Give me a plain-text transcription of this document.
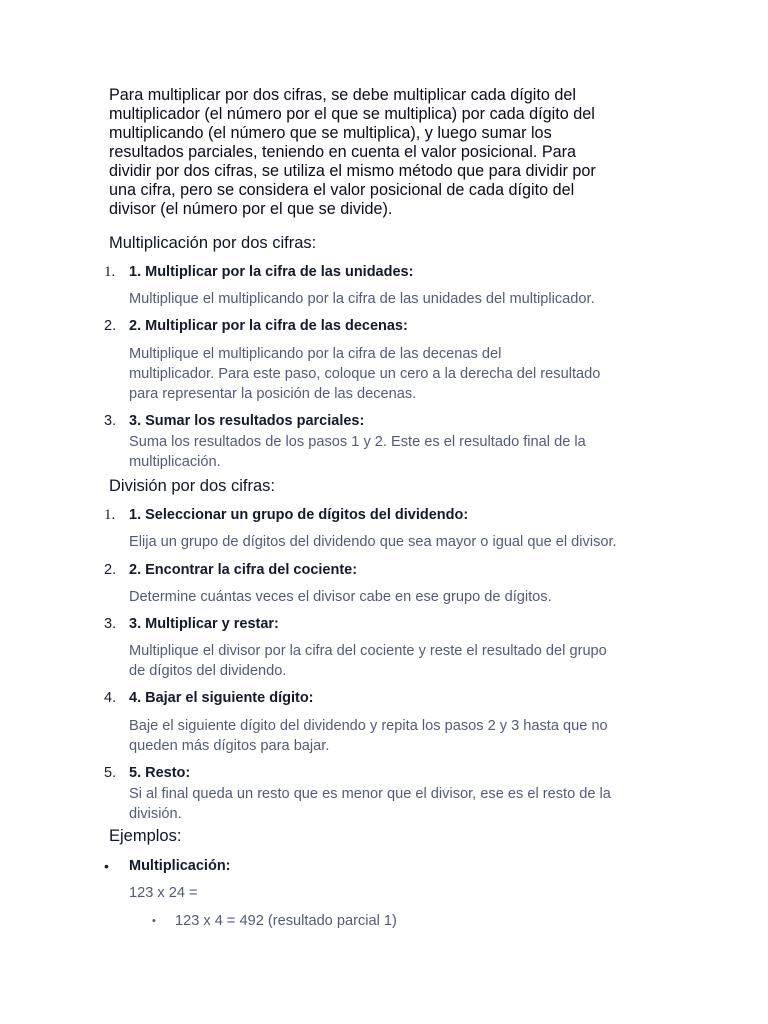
Para multiplicar por dos cifras, se debe multiplicar cada dígito del
multiplicador (el número por el que se multiplica) por cada dígito del
multiplicando (el número que se multiplica), y luego sumar los
resultados parciales, teniendo en cuenta el valor posicional. Para
dividir por dos cifras, se utiliza el mismo método que para dividir por
una cifra, pero se considera el valor posicional de cada dígito del
divisor (el número por el que se divide).

Multiplicación por dos cifras:

1. 1. Multiplicar por la cifra de las unidades:
Multiplique el multiplicando por la cifra de las unidades del multiplicador.
2. 2. Multiplicar por la cifra de las decenas:
Multiplique el multiplicando por la cifra de las decenas del
multiplicador. Para este paso, coloque un cero a la derecha del resultado
para representar la posición de las decenas.
3. 3. Sumar los resultados parciales:
Suma los resultados de los pasos 1 y 2. Este es el resultado final de la
multiplicación.

División por dos cifras:

1. 1. Seleccionar un grupo de dígitos del dividendo:
Elija un grupo de dígitos del dividendo que sea mayor o igual que el divisor.
2. 2. Encontrar la cifra del cociente:
Determine cuántas veces el divisor cabe en ese grupo de dígitos.
3. 3. Multiplicar y restar:
Multiplique el divisor por la cifra del cociente y reste el resultado del grupo
de dígitos del dividendo.
4. 4. Bajar el siguiente dígito:
Baje el siguiente dígito del dividendo y repita los pasos 2 y 3 hasta que no
queden más dígitos para bajar.
5. 5. Resto:
Si al final queda un resto que es menor que el divisor, ese es el resto de la
división.

Ejemplos:

• Multiplicación:
123 x 24 =
• 123 x 4 = 492 (resultado parcial 1)
